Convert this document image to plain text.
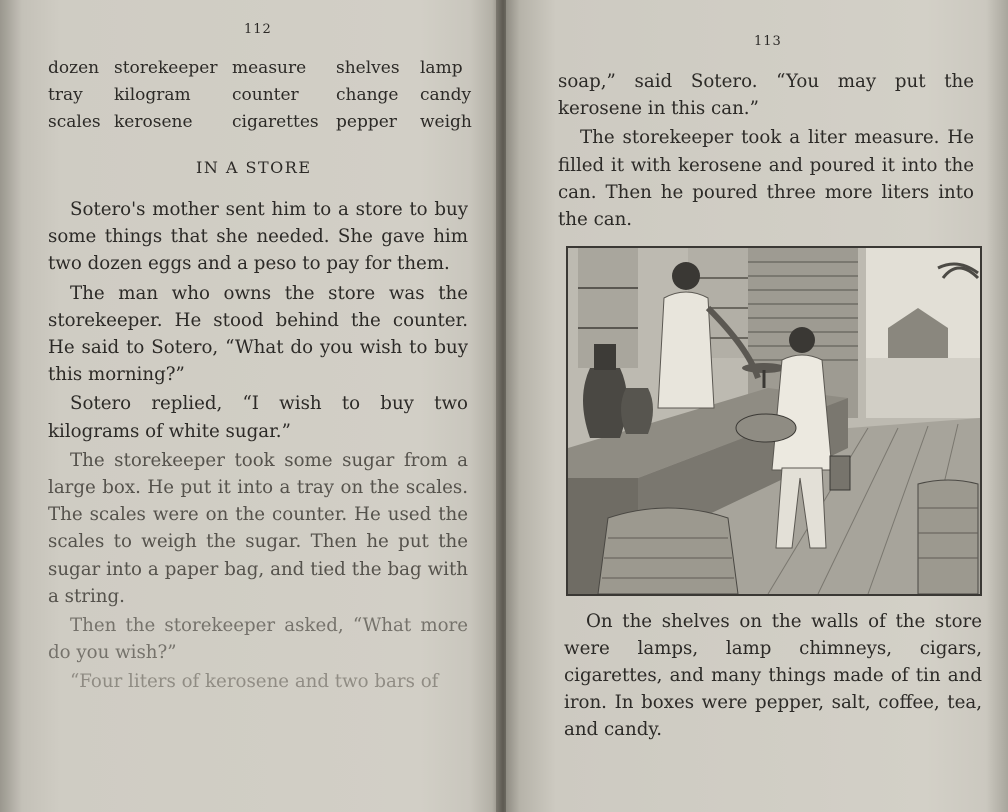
112
dozen storekeeper measure shelves lamp
tray kilogram counter change candy
scales kerosene cigarettes pepper weigh
IN A STORE

Sotero's mother sent him to a store to buy some things that she needed. She gave him two dozen eggs and a peso to pay for them.

The man who owns the store was the storekeeper. He stood behind the counter. He said to Sotero, “What do you wish to buy this morning?”

Sotero replied, “I wish to buy two kilograms of white sugar.”

The storekeeper took some sugar from a large box. He put it into a tray on the scales. The scales were on the counter. He used the scales to weigh the sugar. Then he put the sugar into a paper bag, and tied the bag with a string.

Then the storekeeper asked, “What more do you wish?”

“Four liters of kerosene and two bars of

113

soap,” said Sotero. “You may put the kerosene in this can.”

The storekeeper took a liter measure. He filled it with kerosene and poured it into the can. Then he poured three more liters into the can.

On the shelves on the walls of the store were lamps, lamp chimneys, cigars, cigarettes, and many things made of tin and iron. In boxes were pepper, salt, coffee, tea, and candy.
